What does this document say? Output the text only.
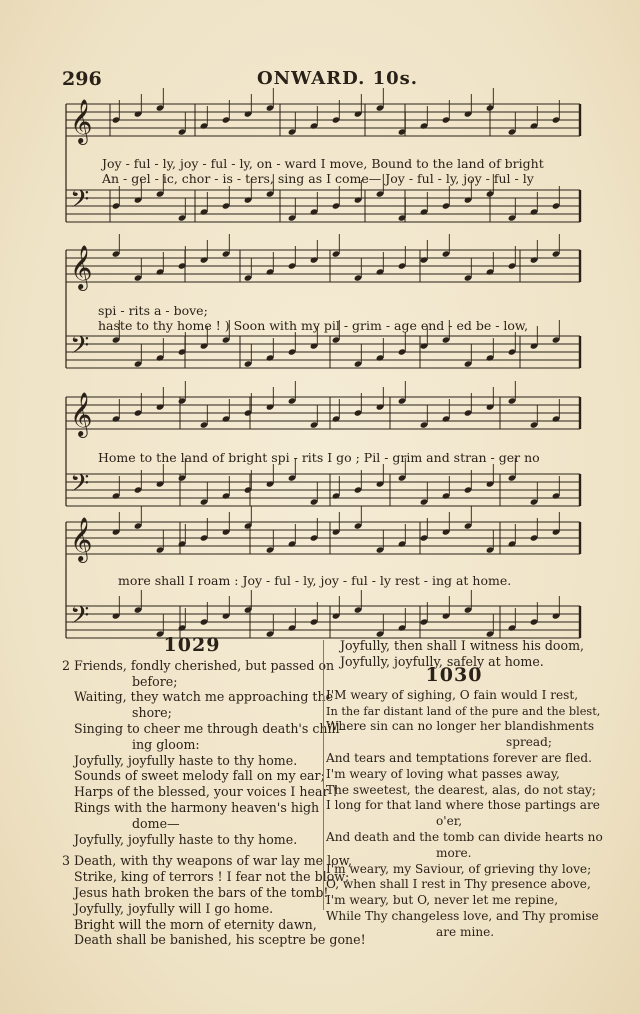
296	ONWARD. 10s.
𝄞
𝄢
𝄞
𝄢
𝄞
𝄢
𝄞
𝄢
Joy - ful - ly, joy - ful - ly, on - ward I move, Bound to the land of bright
An - gel - ic, chor - is - ters, sing as I come— Joy - ful - ly, joy - ful - ly
spi - rits a - bove;
haste to thy home ! ) Soon with my pil - grim - age end - ed be - low,
Home to the land of bright spi - rits I go ; Pil - grim and stran - ger no
more shall I roam : Joy - ful - ly, joy - ful - ly rest - ing at home.
1029
2 Friends, fondly cherished, but passed on
before;
Waiting, they watch me approaching the
shore;
Singing to cheer me through death's chill-
ing gloom:
Joyfully, joyfully haste to thy home.
Sounds of sweet melody fall on my ear;
Harps of the blessed, your voices I hear !
Rings with the harmony heaven's high
dome—
Joyfully, joyfully haste to thy home.
3 Death, with thy weapons of war lay me low,
Strike, king of terrors ! I fear not the blow;
Jesus hath broken the bars of the tomb!
Joyfully, joyfully will I go home.
Bright will the morn of eternity dawn,
Death shall be banished, his sceptre be gone!
Joyfully, then shall I witness his doom,
Joyfully, joyfully, safely at home.
1030
I'M weary of sighing, O fain would I rest,
In the far distant land of the pure and the blest,
Where sin can no longer her blandishments
spread;
And tears and temptations forever are fled.
I'm weary of loving what passes away,
The sweetest, the dearest, alas, do not stay;
I long for that land where those partings are
o'er,
And death and the tomb can divide hearts no
more.
I'm weary, my Saviour, of grieving thy love;
O, when shall I rest in Thy presence above,
I'm weary, but O, never let me repine,
While Thy changeless love, and Thy promise
are mine.
